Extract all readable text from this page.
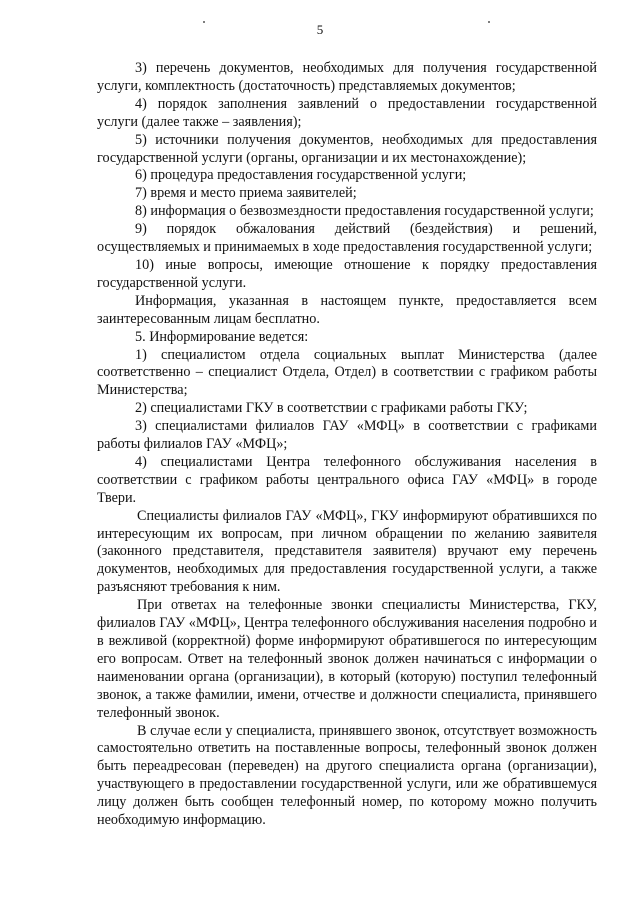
5

3) перечень документов, необходимых для получения государственной услуги, комплектность (достаточность) представляемых документов;

4) порядок заполнения заявлений о предоставлении государственной услуги (далее также – заявления);

5) источники получения документов, необходимых для предоставления государственной услуги (органы, организации и их местонахождение);

6) процедура предоставления государственной услуги;

7) время и место приема заявителей;

8) информация о безвозмездности предоставления государственной услуги;

9) порядок обжалования действий (бездействия) и решений, осуществляемых и принимаемых в ходе предоставления государственной услуги;

10) иные вопросы, имеющие отношение к порядку предоставления государственной услуги.

Информация, указанная в настоящем пункте, предоставляется всем заинтересованным лицам бесплатно.

5. Информирование ведется:

1) специалистом отдела социальных выплат Министерства (далее соответственно – специалист Отдела, Отдел) в соответствии с графиком работы Министерства;

2) специалистами ГКУ в соответствии с графиками работы ГКУ;

3) специалистами филиалов ГАУ «МФЦ» в соответствии с графиками работы филиалов ГАУ «МФЦ»;

4) специалистами Центра телефонного обслуживания населения в соответствии с графиком работы центрального офиса ГАУ «МФЦ» в городе Твери.

Специалисты филиалов ГАУ «МФЦ», ГКУ информируют обратившихся по интересующим их вопросам, при личном обращении по желанию заявителя (законного представителя, представителя заявителя) вручают ему перечень документов, необходимых для предоставления государственной услуги, а также разъясняют требования к ним.

При ответах на телефонные звонки специалисты Министерства, ГКУ, филиалов ГАУ «МФЦ», Центра телефонного обслуживания населения подробно и в вежливой (корректной) форме информируют обратившегося по интересующим его вопросам. Ответ на телефонный звонок должен начинаться с информации о наименовании органа (организации), в который (которую) поступил телефонный звонок, а также фамилии, имени, отчестве и должности специалиста, принявшего телефонный звонок.

В случае если у специалиста, принявшего звонок, отсутствует возможность самостоятельно ответить на поставленные вопросы, телефонный звонок должен быть переадресован (переведен) на другого специалиста органа (организации), участвующего в предоставлении государственной услуги, или же обратившемуся лицу должен быть сообщен телефонный номер, по которому можно получить необходимую информацию.
